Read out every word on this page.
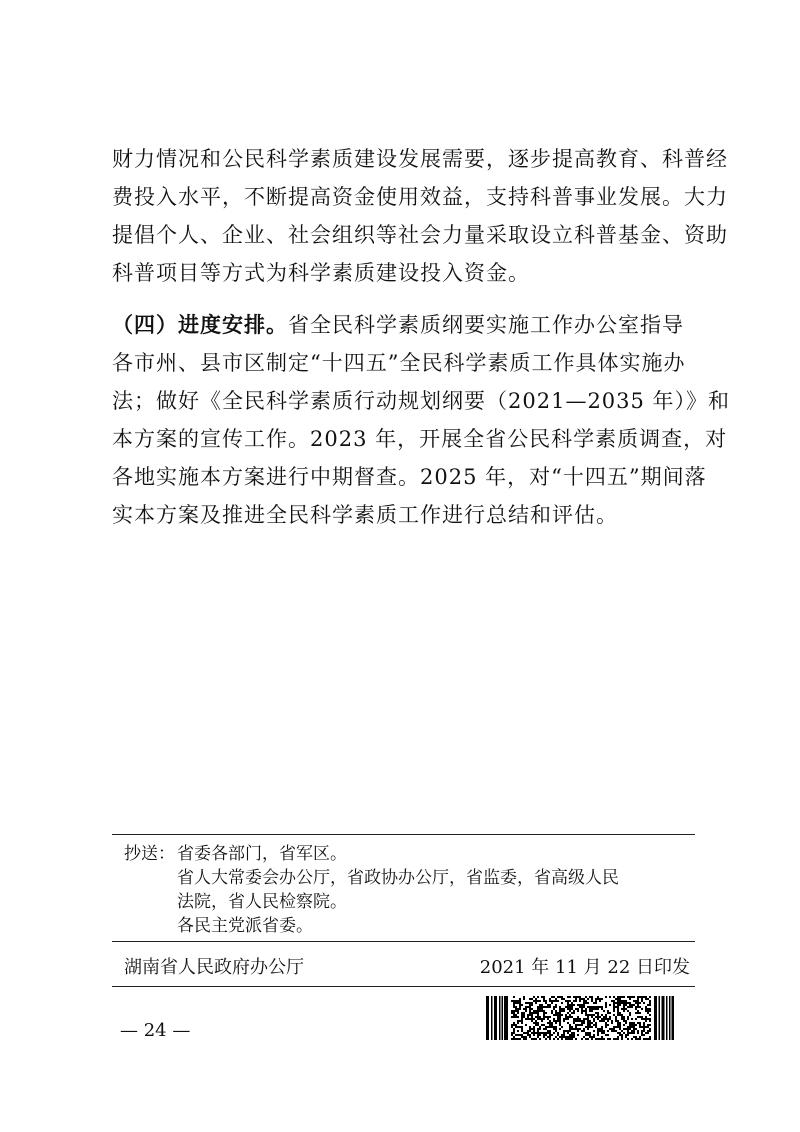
财力情况和公民科学素质建设发展需要，逐步提高教育、科普经
费投入水平，不断提高资金使用效益，支持科普事业发展。大力
提倡个人、企业、社会组织等社会力量采取设立科普基金、资助
科普项目等方式为科学素质建设投入资金。

（四）进度安排。省全民科学素质纲要实施工作办公室指导
各市州、县市区制定“十四五”全民科学素质工作具体实施办
法；做好《全民科学素质行动规划纲要（2021—2035 年）》和
本方案的宣传工作。2023 年，开展全省公民科学素质调查，对
各地实施本方案进行中期督查。2025 年，对“十四五”期间落
实本方案及推进全民科学素质工作进行总结和评估。

抄送： 省委各部门，省军区。
省人大常委会办公厅，省政协办公厅，省监委，省高级人民
法院，省人民检察院。
各民主党派省委。
湖南省人民政府办公厅	2021 年 11 月 22 日印发
— 24 —
